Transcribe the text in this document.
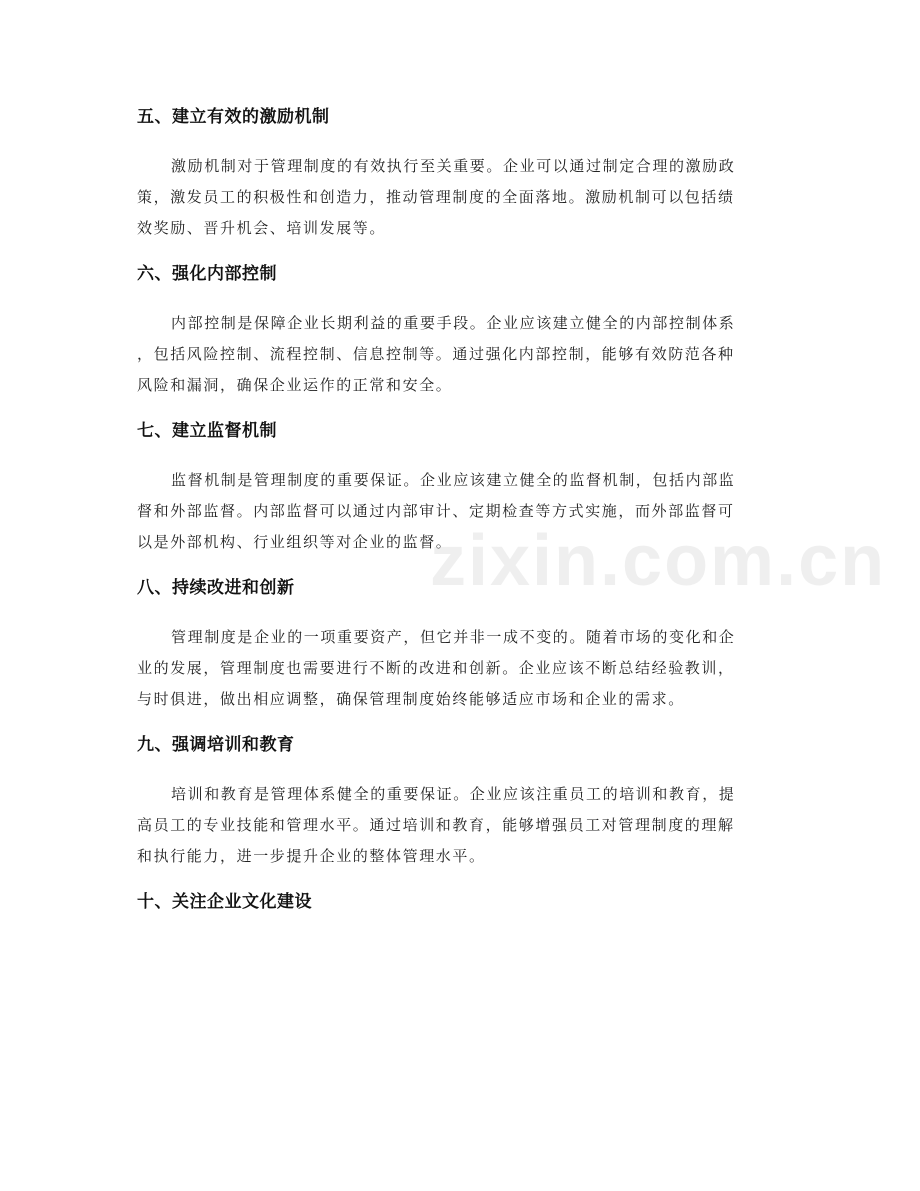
五、建立有效的激励机制

激励机制对于管理制度的有效执行至关重要。企业可以通过制定合理的激励政
策，激发员工的积极性和创造力，推动管理制度的全面落地。激励机制可以包括绩
效奖励、晋升机会、培训发展等。

六、强化内部控制

内部控制是保障企业长期利益的重要手段。企业应该建立健全的内部控制体系
，包括风险控制、流程控制、信息控制等。通过强化内部控制，能够有效防范各种
风险和漏洞，确保企业运作的正常和安全。

七、建立监督机制

监督机制是管理制度的重要保证。企业应该建立健全的监督机制，包括内部监
督和外部监督。内部监督可以通过内部审计、定期检查等方式实施，而外部监督可
以是外部机构、行业组织等对企业的监督。

八、持续改进和创新

管理制度是企业的一项重要资产，但它并非一成不变的。随着市场的变化和企
业的发展，管理制度也需要进行不断的改进和创新。企业应该不断总结经验教训，
与时俱进，做出相应调整，确保管理制度始终能够适应市场和企业的需求。

九、强调培训和教育

培训和教育是管理体系健全的重要保证。企业应该注重员工的培训和教育，提
高员工的专业技能和管理水平。通过培训和教育，能够增强员工对管理制度的理解
和执行能力，进一步提升企业的整体管理水平。

十、关注企业文化建设
zixin.com.cn
